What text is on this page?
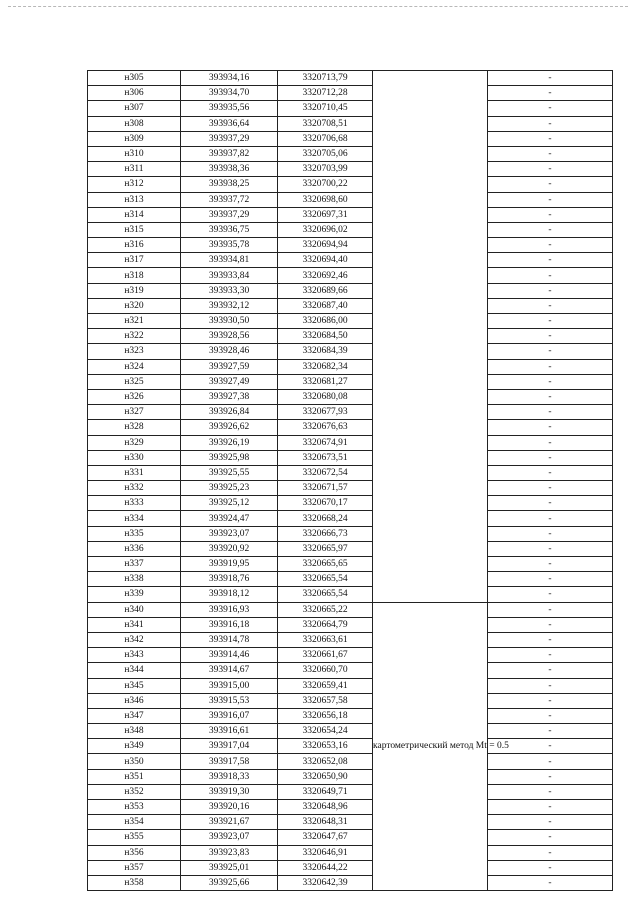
н305	393934,16	3320713,79		-
н306	393934,70	3320712,28		-
н307	393935,56	3320710,45		-
н308	393936,64	3320708,51		-
н309	393937,29	3320706,68		-
н310	393937,82	3320705,06		-
н311	393938,36	3320703,99		-
н312	393938,25	3320700,22		-
н313	393937,72	3320698,60		-
н314	393937,29	3320697,31		-
н315	393936,75	3320696,02		-
н316	393935,78	3320694,94		-
н317	393934,81	3320694,40		-
н318	393933,84	3320692,46		-
н319	393933,30	3320689,66		-
н320	393932,12	3320687,40		-
н321	393930,50	3320686,00		-
н322	393928,56	3320684,50		-
н323	393928,46	3320684,39		-
н324	393927,59	3320682,34		-
н325	393927,49	3320681,27		-
н326	393927,38	3320680,08		-
н327	393926,84	3320677,93		-
н328	393926,62	3320676,63		-
н329	393926,19	3320674,91		-
н330	393925,98	3320673,51		-
н331	393925,55	3320672,54		-
н332	393925,23	3320671,57		-
н333	393925,12	3320670,17		-
н334	393924,47	3320668,24		-
н335	393923,07	3320666,73		-
н336	393920,92	3320665,97		-
н337	393919,95	3320665,65		-
н338	393918,76	3320665,54		-
н339	393918,12	3320665,54		-
н340	393916,93	3320665,22	картометрический метод Mt = 0.5	-
н341	393916,18	3320664,79		-
н342	393914,78	3320663,61		-
н343	393914,46	3320661,67		-
н344	393914,67	3320660,70		-
н345	393915,00	3320659,41		-
н346	393915,53	3320657,58		-
н347	393916,07	3320656,18		-
н348	393916,61	3320654,24		-
н349	393917,04	3320653,16		-
н350	393917,58	3320652,08		-
н351	393918,33	3320650,90		-
н352	393919,30	3320649,71		-
н353	393920,16	3320648,96		-
н354	393921,67	3320648,31		-
н355	393923,07	3320647,67		-
н356	393923,83	3320646,91		-
н357	393925,01	3320644,22		-
н358	393925,66	3320642,39		-
